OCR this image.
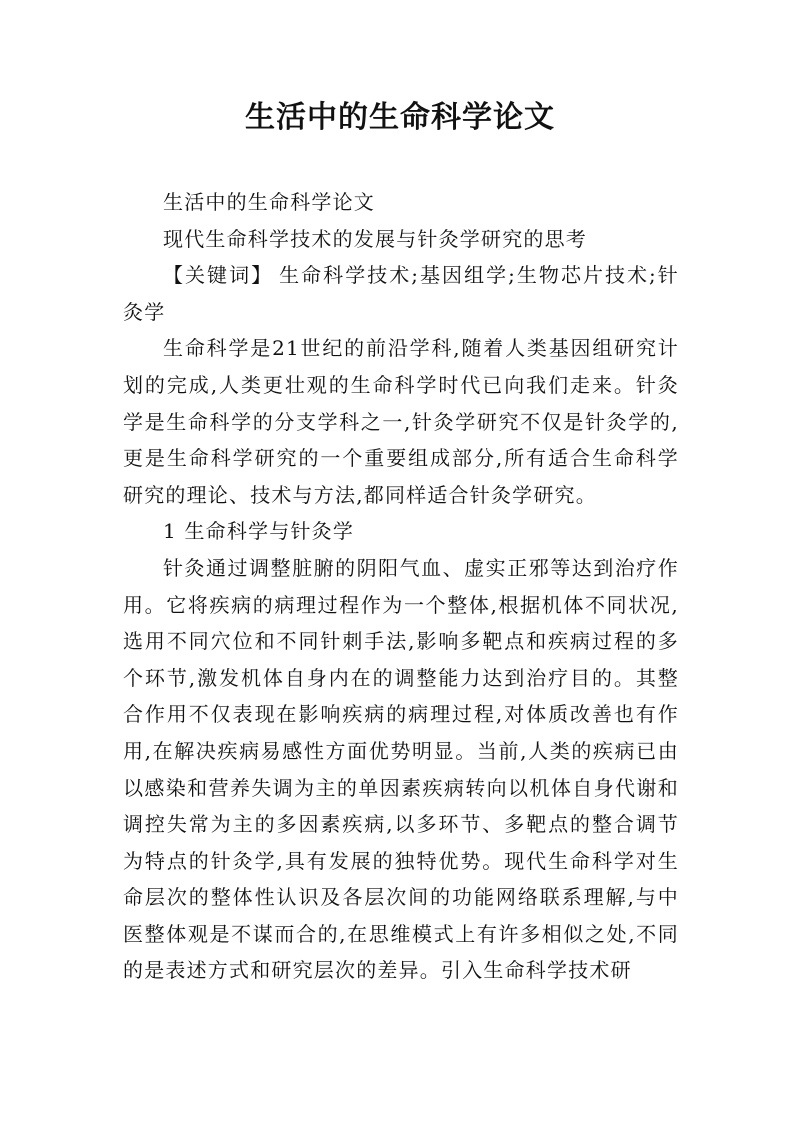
生活中的生命科学论文

生活中的生命科学论文

现代生命科学技术的发展与针灸学研究的思考

【关键词】 生命科学技术;基因组学;生物芯片技术;针灸学

生命科学是21世纪的前沿学科,随着人类基因组研究计划的完成,人类更壮观的生命科学时代已向我们走来。针灸学是生命科学的分支学科之一,针灸学研究不仅是针灸学的,更是生命科学研究的一个重要组成部分,所有适合生命科学研究的理论、技术与方法,都同样适合针灸学研究。

1 生命科学与针灸学

针灸通过调整脏腑的阴阳气血、虚实正邪等达到治疗作用。它将疾病的病理过程作为一个整体,根据机体不同状况,选用不同穴位和不同针刺手法,影响多靶点和疾病过程的多个环节,激发机体自身内在的调整能力达到治疗目的。其整合作用不仅表现在影响疾病的病理过程,对体质改善也有作用,在解决疾病易感性方面优势明显。当前,人类的疾病已由以感染和营养失调为主的单因素疾病转向以机体自身代谢和调控失常为主的多因素疾病,以多环节、多靶点的整合调节为特点的针灸学,具有发展的独特优势。现代生命科学对生命层次的整体性认识及各层次间的功能网络联系理解,与中医整体观是不谋而合的,在思维模式上有许多相似之处,不同的是表述方式和研究层次的差异。引入生命科学技术研
